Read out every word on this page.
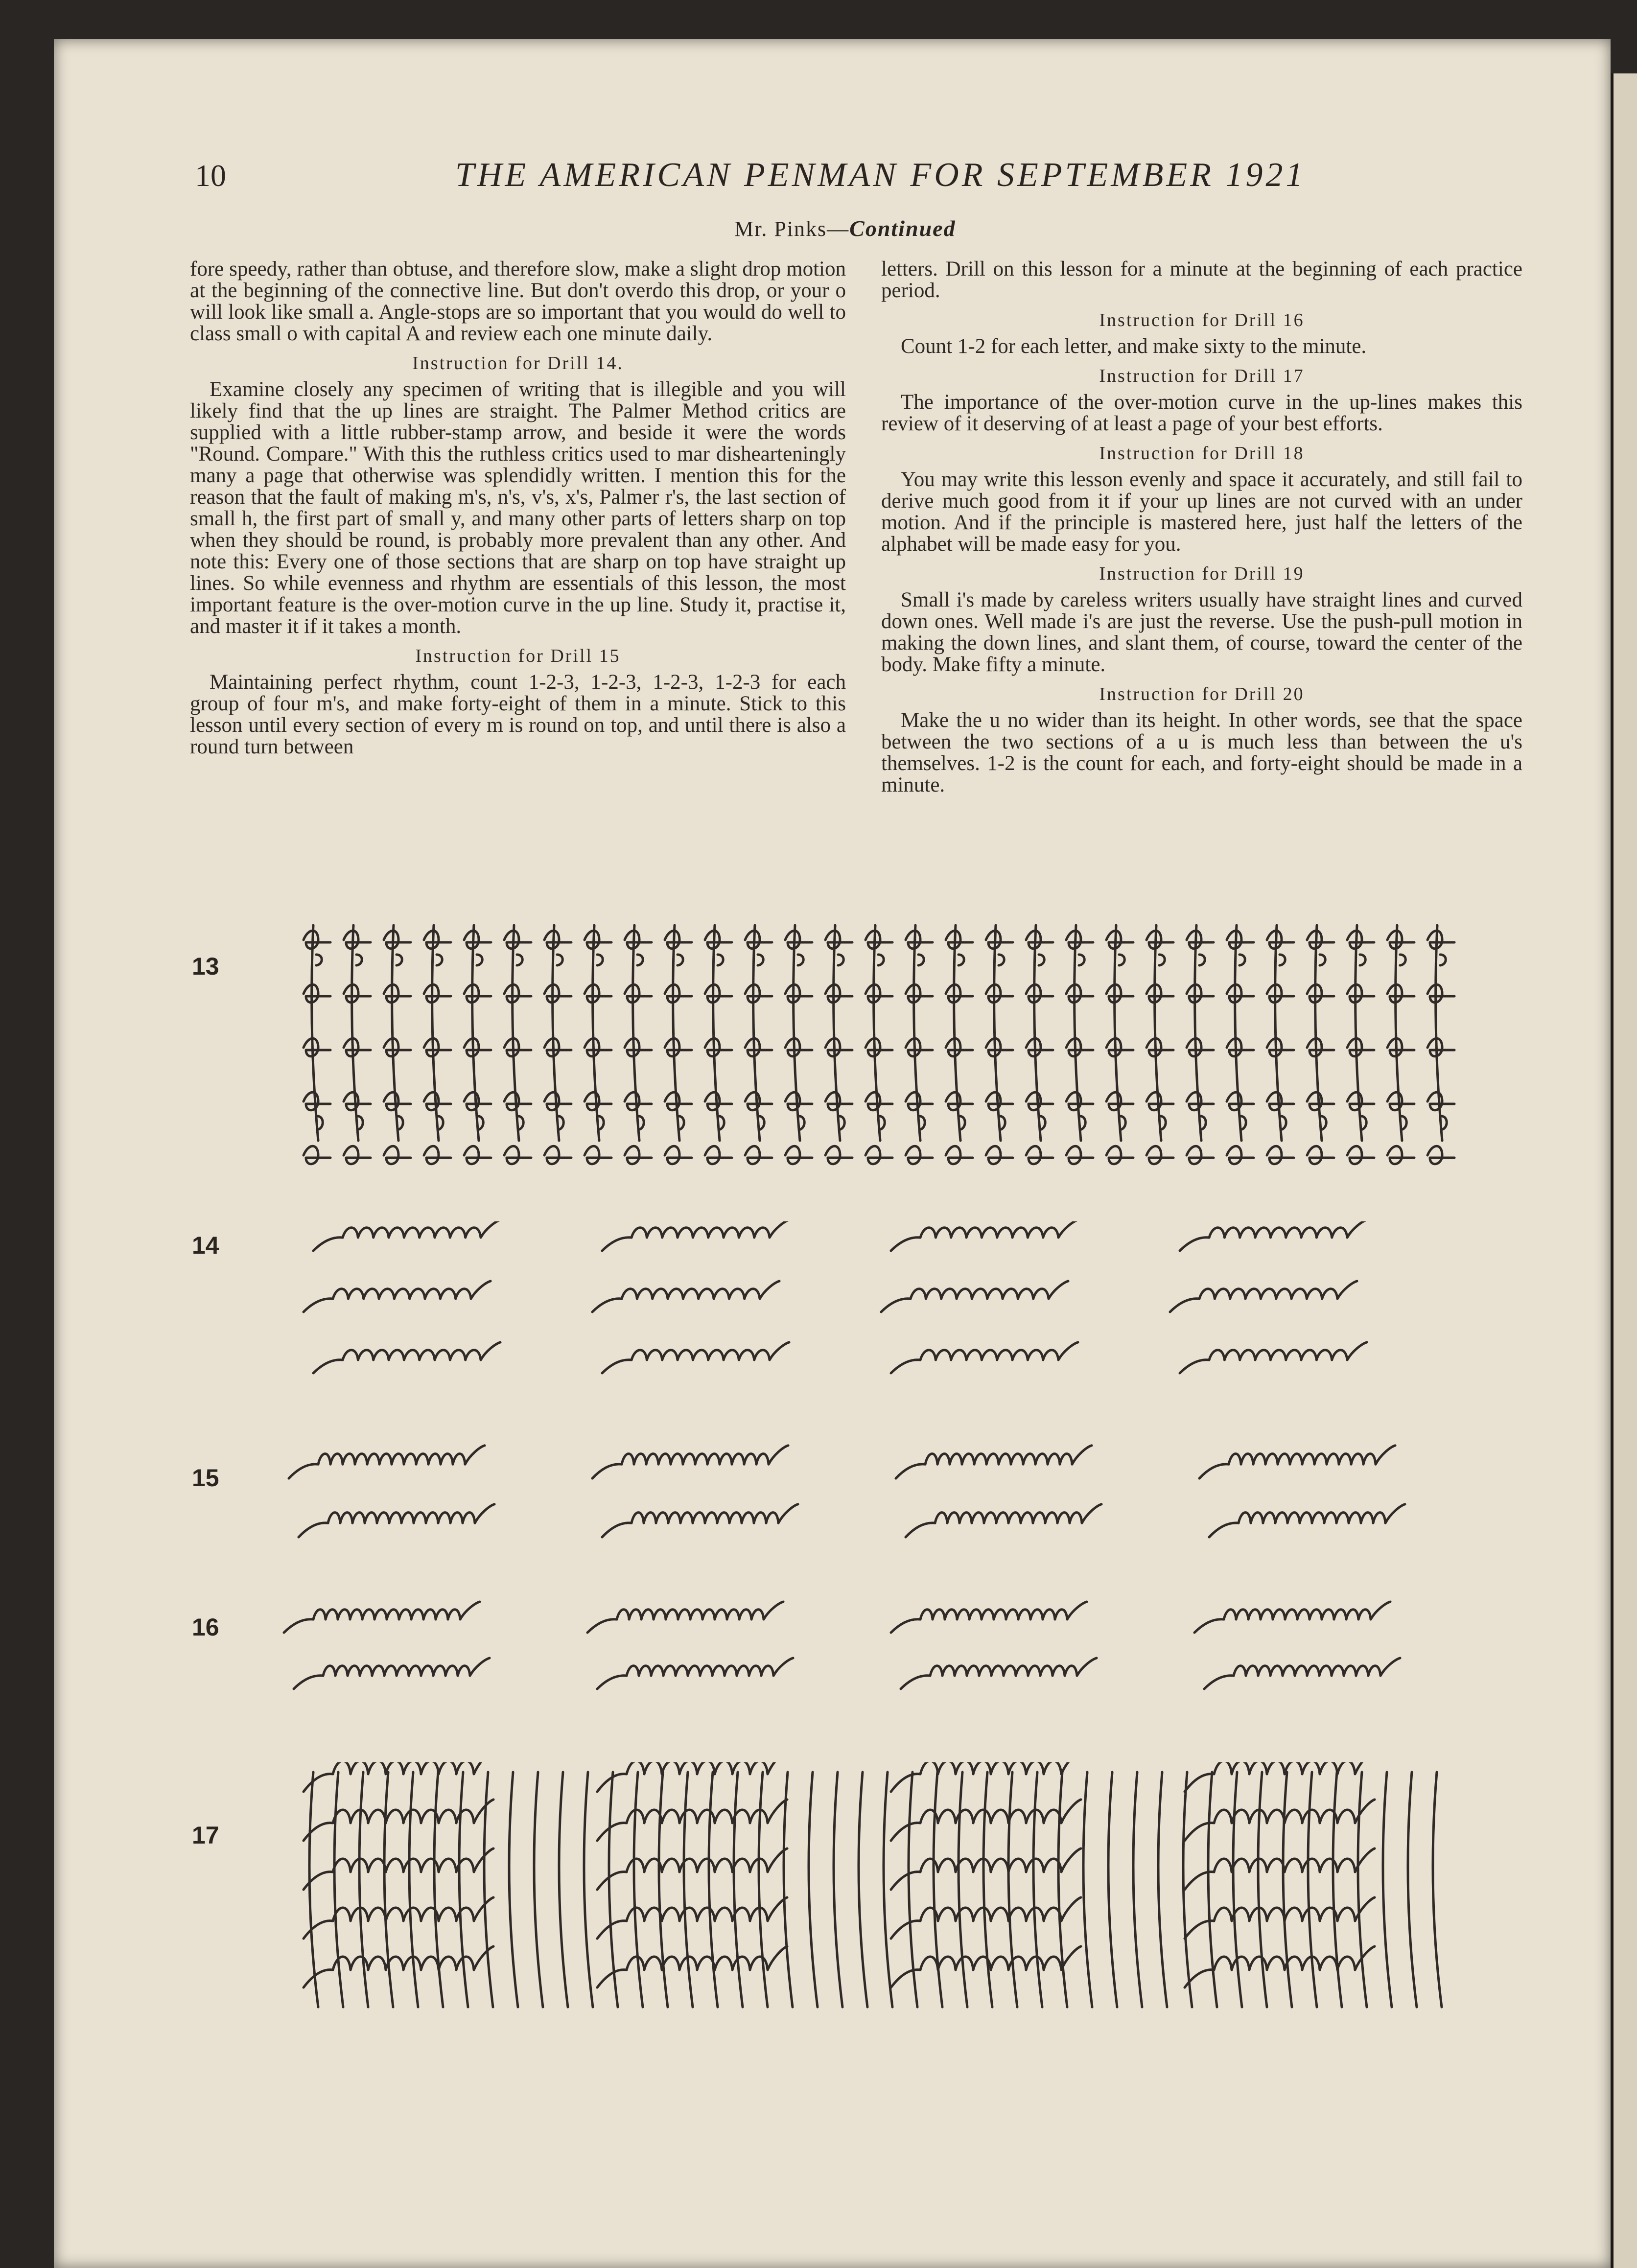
10	THE AMERICAN PENMAN FOR SEPTEMBER 1921
Mr. Pinks—Continued

fore speedy, rather than obtuse, and therefore slow, make a slight drop motion at the beginning of the connective line. But don't overdo this drop, or your o will look like small a. Angle-stops are so important that you would do well to class small o with capital A and review each one minute daily.

Instruction for Drill 14.

Examine closely any specimen of writing that is illegible and you will likely find that the up lines are straight. The Palmer Method critics are supplied with a little rubber-stamp arrow, and beside it were the words "Round. Compare." With this the ruthless critics used to mar dishearteningly many a page that otherwise was splendidly written. I mention this for the reason that the fault of making m's, n's, v's, x's, Palmer r's, the last section of small h, the first part of small y, and many other parts of letters sharp on top when they should be round, is probably more prevalent than any other. And note this: Every one of those sections that are sharp on top have straight up lines. So while evenness and rhythm are essentials of this lesson, the most important feature is the over-motion curve in the up line. Study it, practise it, and master it if it takes a month.

Instruction for Drill 15

Maintaining perfect rhythm, count 1-2-3, 1-2-3, 1-2-3, 1-2-3 for each group of four m's, and make forty-eight of them in a minute. Stick to this lesson until every section of every m is round on top, and until there is also a round turn between

letters. Drill on this lesson for a minute at the beginning of each practice period.

Instruction for Drill 16

Count 1-2 for each letter, and make sixty to the minute.

Instruction for Drill 17

The importance of the over-motion curve in the up-lines makes this review of it deserving of at least a page of your best efforts.

Instruction for Drill 18

You may write this lesson evenly and space it accurately, and still fail to derive much good from it if your up lines are not curved with an under motion. And if the principle is mastered here, just half the letters of the alphabet will be made easy for you.

Instruction for Drill 19

Small i's made by careless writers usually have straight lines and curved down ones. Well made i's are just the reverse. Use the push-pull motion in making the down lines, and slant them, of course, toward the center of the body. Make fifty a minute.

Instruction for Drill 20

Make the u no wider than its height. In other words, see that the space between the two sections of a u is much less than between the u's themselves. 1-2 is the count for each, and forty-eight should be made in a minute.

13
14
15
16
17
